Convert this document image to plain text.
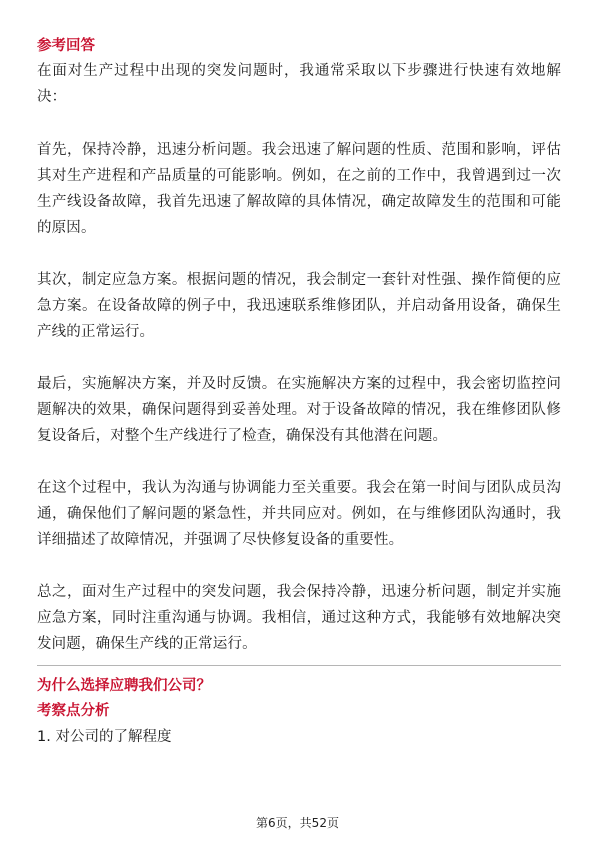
参考回答

在面对生产过程中出现的突发问题时，我通常采取以下步骤进行快速有效地解决：

首先，保持冷静，迅速分析问题。我会迅速了解问题的性质、范围和影响，评估其对生产进程和产品质量的可能影响。例如，在之前的工作中，我曾遇到过一次生产线设备故障，我首先迅速了解故障的具体情况，确定故障发生的范围和可能的原因。

其次，制定应急方案。根据问题的情况，我会制定一套针对性强、操作简便的应急方案。在设备故障的例子中，我迅速联系维修团队，并启动备用设备，确保生产线的正常运行。

最后，实施解决方案，并及时反馈。在实施解决方案的过程中，我会密切监控问题解决的效果，确保问题得到妥善处理。对于设备故障的情况，我在维修团队修复设备后，对整个生产线进行了检查，确保没有其他潜在问题。

在这个过程中，我认为沟通与协调能力至关重要。我会在第一时间与团队成员沟通，确保他们了解问题的紧急性，并共同应对。例如，在与维修团队沟通时，我详细描述了故障情况，并强调了尽快修复设备的重要性。

总之，面对生产过程中的突发问题，我会保持冷静，迅速分析问题，制定并实施应急方案，同时注重沟通与协调。我相信，通过这种方式，我能够有效地解决突发问题，确保生产线的正常运行。

为什么选择应聘我们公司？
考察点分析

1. 对公司的了解程度

第6页，共52页
